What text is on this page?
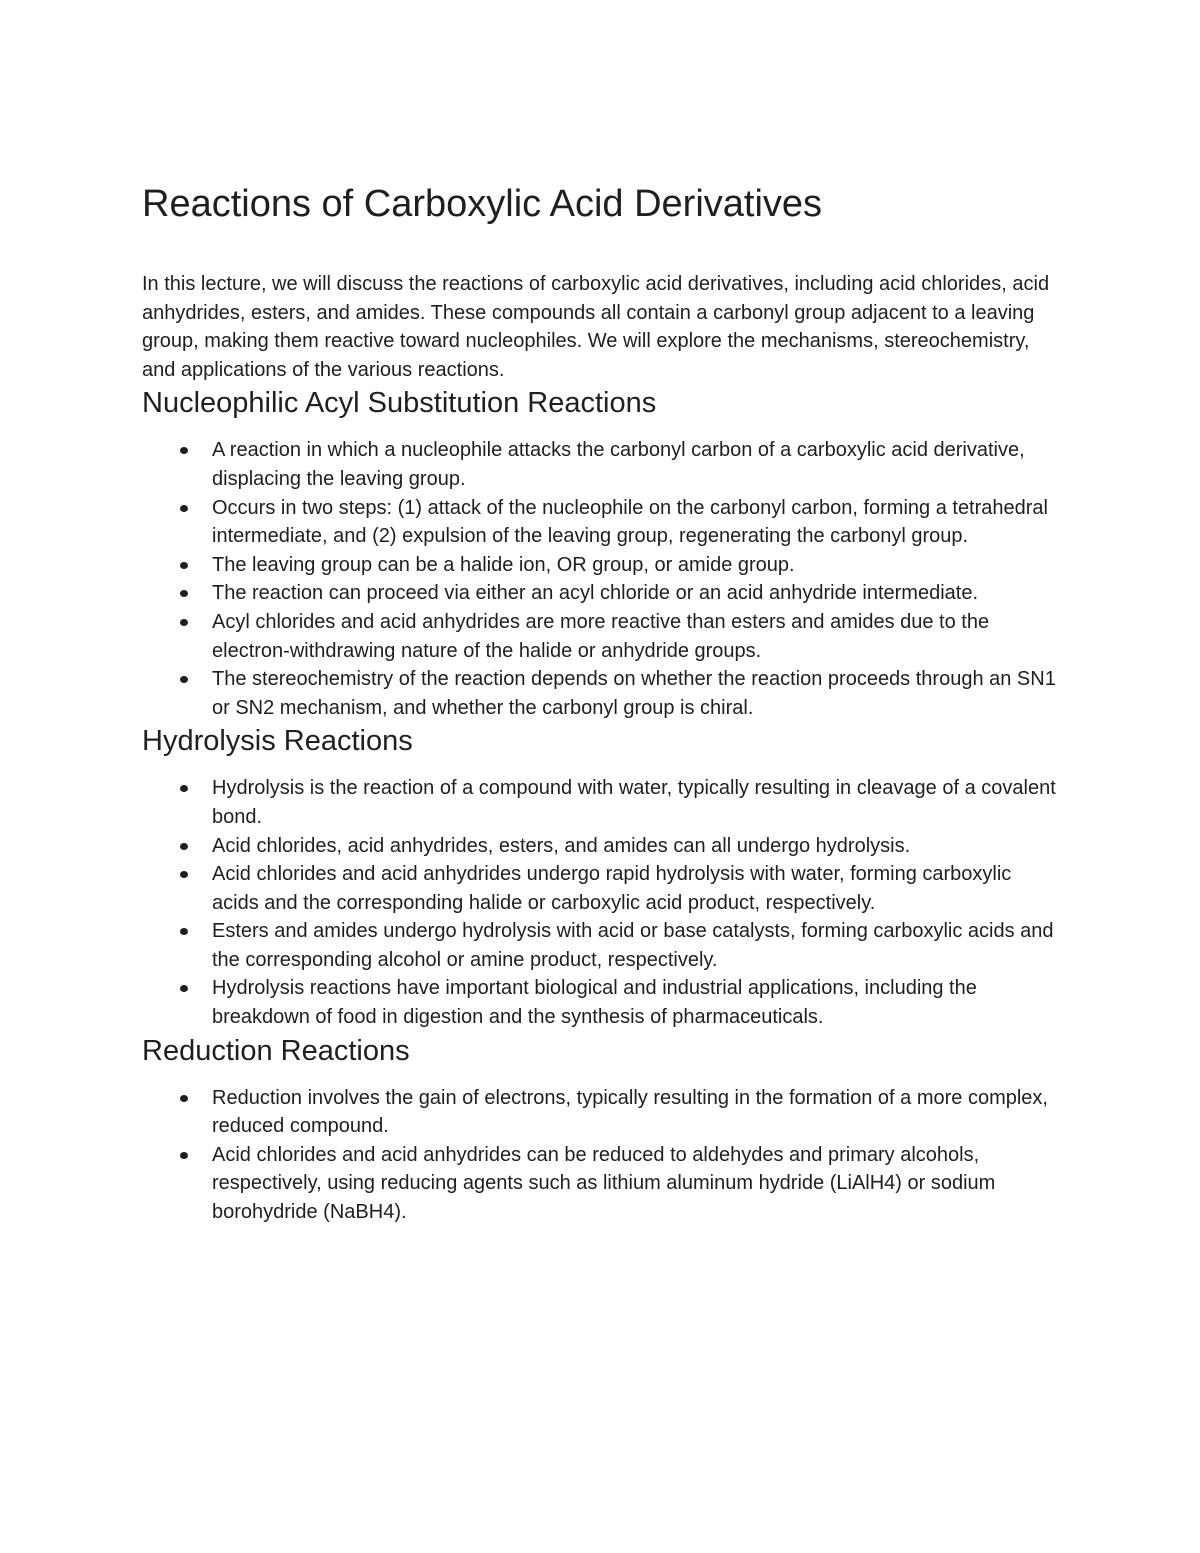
Reactions of Carboxylic Acid Derivatives

In this lecture, we will discuss the reactions of carboxylic acid derivatives, including acid chlorides, acid anhydrides, esters, and amides. These compounds all contain a carbonyl group adjacent to a leaving group, making them reactive toward nucleophiles. We will explore the mechanisms, stereochemistry, and applications of the various reactions.

Nucleophilic Acyl Substitution Reactions
A reaction in which a nucleophile attacks the carbonyl carbon of a carboxylic acid derivative, displacing the leaving group.
Occurs in two steps: (1) attack of the nucleophile on the carbonyl carbon, forming a tetrahedral intermediate, and (2) expulsion of the leaving group, regenerating the carbonyl group.
The leaving group can be a halide ion, OR group, or amide group.
The reaction can proceed via either an acyl chloride or an acid anhydride intermediate.
Acyl chlorides and acid anhydrides are more reactive than esters and amides due to the electron-withdrawing nature of the halide or anhydride groups.
The stereochemistry of the reaction depends on whether the reaction proceeds through an SN1 or SN2 mechanism, and whether the carbonyl group is chiral.
Hydrolysis Reactions
Hydrolysis is the reaction of a compound with water, typically resulting in cleavage of a covalent bond.
Acid chlorides, acid anhydrides, esters, and amides can all undergo hydrolysis.
Acid chlorides and acid anhydrides undergo rapid hydrolysis with water, forming carboxylic acids and the corresponding halide or carboxylic acid product, respectively.
Esters and amides undergo hydrolysis with acid or base catalysts, forming carboxylic acids and the corresponding alcohol or amine product, respectively.
Hydrolysis reactions have important biological and industrial applications, including the breakdown of food in digestion and the synthesis of pharmaceuticals.
Reduction Reactions
Reduction involves the gain of electrons, typically resulting in the formation of a more complex, reduced compound.
Acid chlorides and acid anhydrides can be reduced to aldehydes and primary alcohols, respectively, using reducing agents such as lithium aluminum hydride (LiAlH4) or sodium borohydride (NaBH4).
